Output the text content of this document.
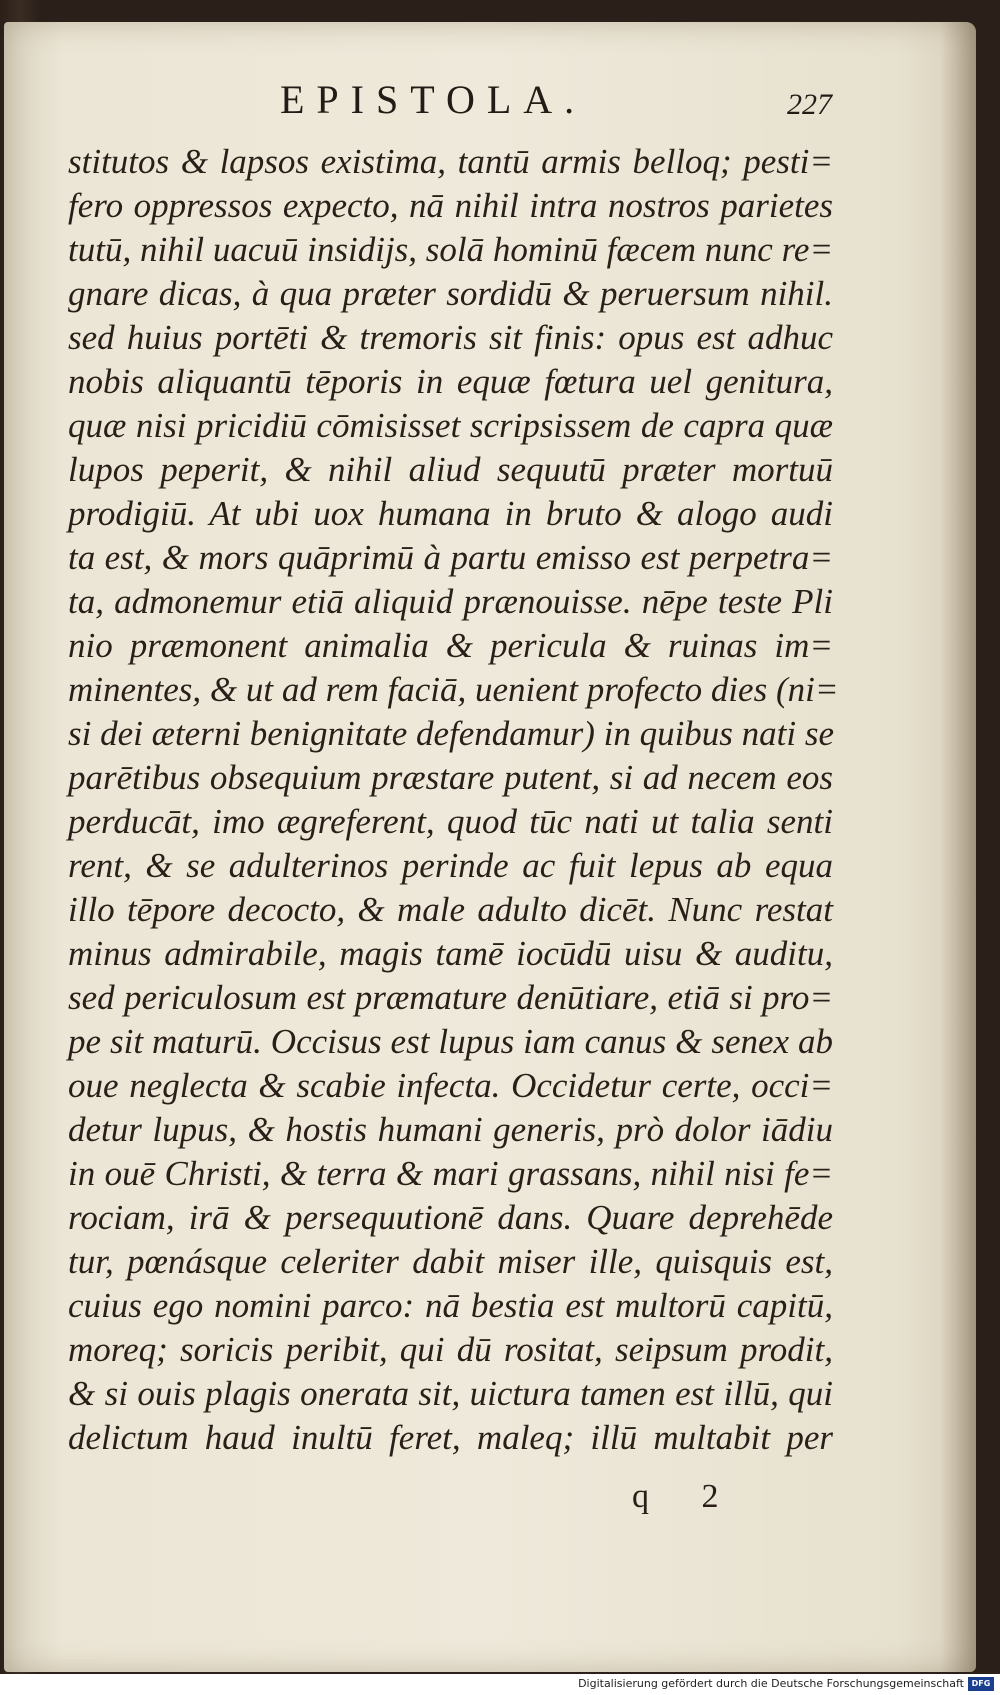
EPISTOLA.	227
stitutos & lapsos existima, tantū armis belloq; pesti=
fero oppressos expecto, nā nihil intra nostros parietes
tutū, nihil uacuū insidijs, solā hominū fæcem nunc re=
gnare dicas, à qua præter sordidū & peruersum nihil.
sed huius portēti & tremoris sit finis: opus est adhuc
nobis aliquantū tēporis in equæ fœtura uel genitura,
quæ nisi pricidiū cōmisisset scripsissem de capra quæ
lupos peperit, & nihil aliud sequutū præter mortuū
prodigiū. At ubi uox humana in bruto & alogo audi
ta est, & mors quāprimū à partu emisso est perpetra=
ta, admonemur etiā aliquid prænouisse. nēpe teste Pli
nio præmonent animalia & pericula & ruinas im=
minentes, & ut ad rem faciā, uenient profecto dies (ni=
si dei æterni benignitate defendamur) in quibus nati se
parētibus obsequium præstare putent, si ad necem eos
perducāt, imo ægreferent, quod tūc nati ut talia senti
rent, & se adulterinos perinde ac fuit lepus ab equa
illo tēpore decocto, & male adulto dicēt. Nunc restat
minus admirabile, magis tamē iocūdū uisu & auditu,
sed periculosum est præmature denūtiare, etiā si pro=
pe sit maturū. Occisus est lupus iam canus & senex ab
oue neglecta & scabie infecta. Occidetur certe, occi=
detur lupus, & hostis humani generis, prò dolor iādiu
in ouē Christi, & terra & mari grassans, nihil nisi fe=
rociam, irā & persequutionē dans. Quare deprehēde
tur, pœnásque celeriter dabit miser ille, quisquis est,
cuius ego nomini parco: nā bestia est multorū capitū,
moreq; soricis peribit, qui dū rositat, seipsum prodit,
& si ouis plagis onerata sit, uictura tamen est illū, qui
delictum haud inultū feret, maleq; illū multabit per
q 2
Digitalisierung gefördert durch die Deutsche Forschungsgemeinschaft DFG
